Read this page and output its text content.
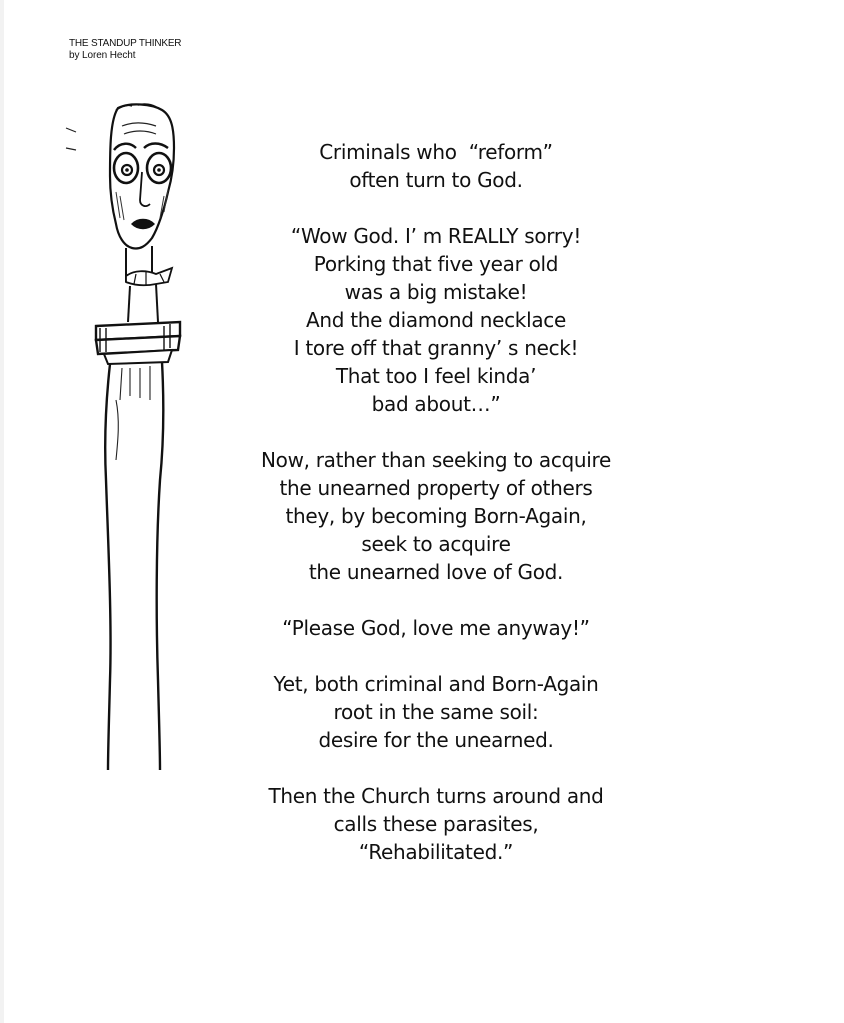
THE STANDUP THINKER
by Loren Hecht
Criminals who  “reform”
often turn to God.
“Wow God. I’ m REALLY sorry!
Porking that five year old
was a big mistake!
And the diamond necklace
I tore off that granny’ s neck!
That too I feel kinda’
bad about…”
Now, rather than seeking to acquire
the unearned property of others
they, by becoming Born-Again,
seek to acquire
the unearned love of God.
“Please God, love me anyway!”
Yet, both criminal and Born-Again
root in the same soil:
desire for the unearned.
Then the Church turns around and
calls these parasites,
“Rehabilitated.”
